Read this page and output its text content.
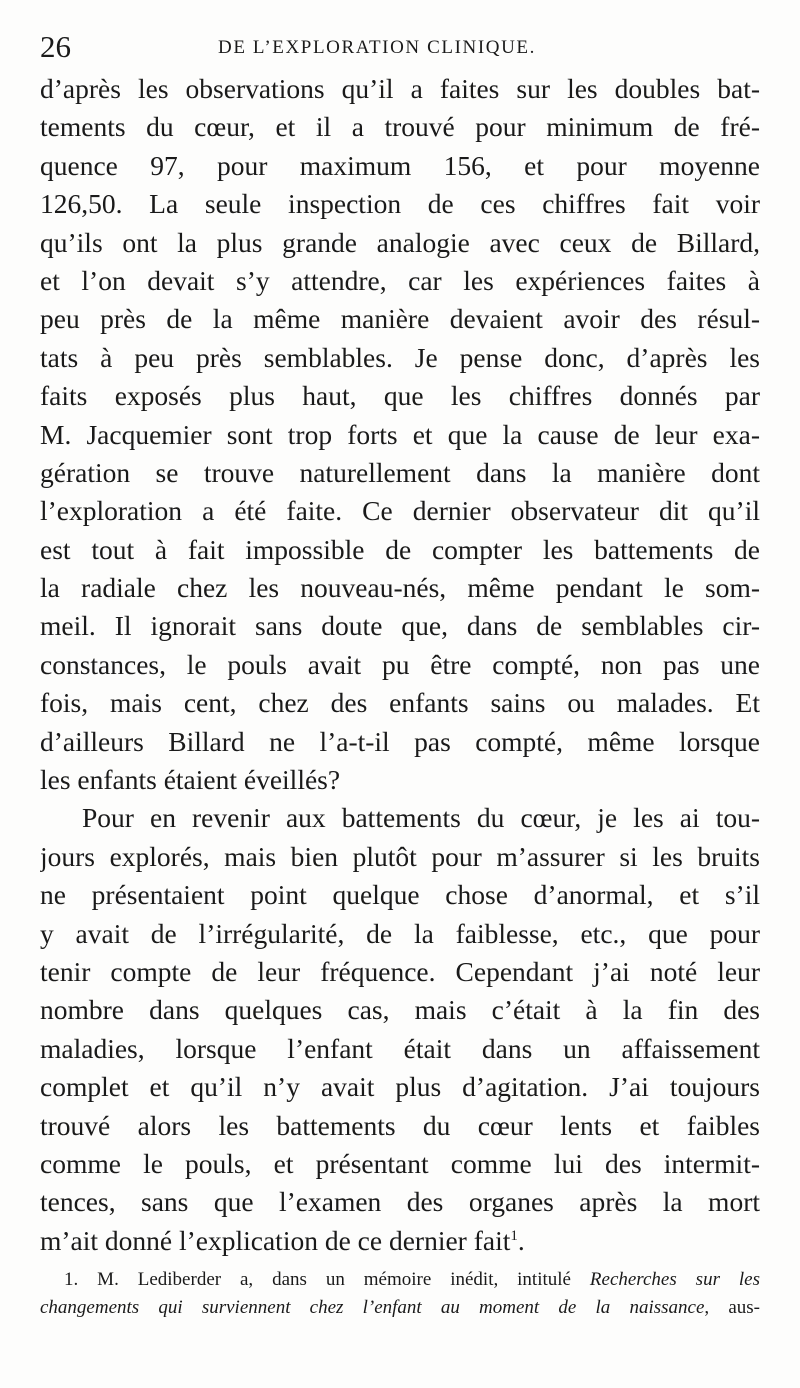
26	DE L’EXPLORATION CLINIQUE.
d’après les observations qu’il a faites sur les doubles bat-
tements du cœur, et il a trouvé pour minimum de fré-
quence 97, pour maximum 156, et pour moyenne
126,50. La seule inspection de ces chiffres fait voir
qu’ils ont la plus grande analogie avec ceux de Billard,
et l’on devait s’y attendre, car les expériences faites à
peu près de la même manière devaient avoir des résul-
tats à peu près semblables. Je pense donc, d’après les
faits exposés plus haut, que les chiffres donnés par
M. Jacquemier sont trop forts et que la cause de leur exa-
gération se trouve naturellement dans la manière dont
l’exploration a été faite. Ce dernier observateur dit qu’il
est tout à fait impossible de compter les battements de
la radiale chez les nouveau-nés, même pendant le som-
meil. Il ignorait sans doute que, dans de semblables cir-
constances, le pouls avait pu être compté, non pas une
fois, mais cent, chez des enfants sains ou malades. Et
d’ailleurs Billard ne l’a-t-il pas compté, même lorsque
les enfants étaient éveillés?
Pour en revenir aux battements du cœur, je les ai tou-
jours explorés, mais bien plutôt pour m’assurer si les bruits
ne présentaient point quelque chose d’anormal, et s’il
y avait de l’irrégularité, de la faiblesse, etc., que pour
tenir compte de leur fréquence. Cependant j’ai noté leur
nombre dans quelques cas, mais c’était à la fin des
maladies, lorsque l’enfant était dans un affaissement
complet et qu’il n’y avait plus d’agitation. J’ai toujours
trouvé alors les battements du cœur lents et faibles
comme le pouls, et présentant comme lui des intermit-
tences, sans que l’examen des organes après la mort
m’ait donné l’explication de ce dernier fait$^1$.
1. M. Lediberder a, dans un mémoire inédit, intitulé Recherches sur les
changements qui surviennent chez l’enfant au moment de la naissance, aus-
